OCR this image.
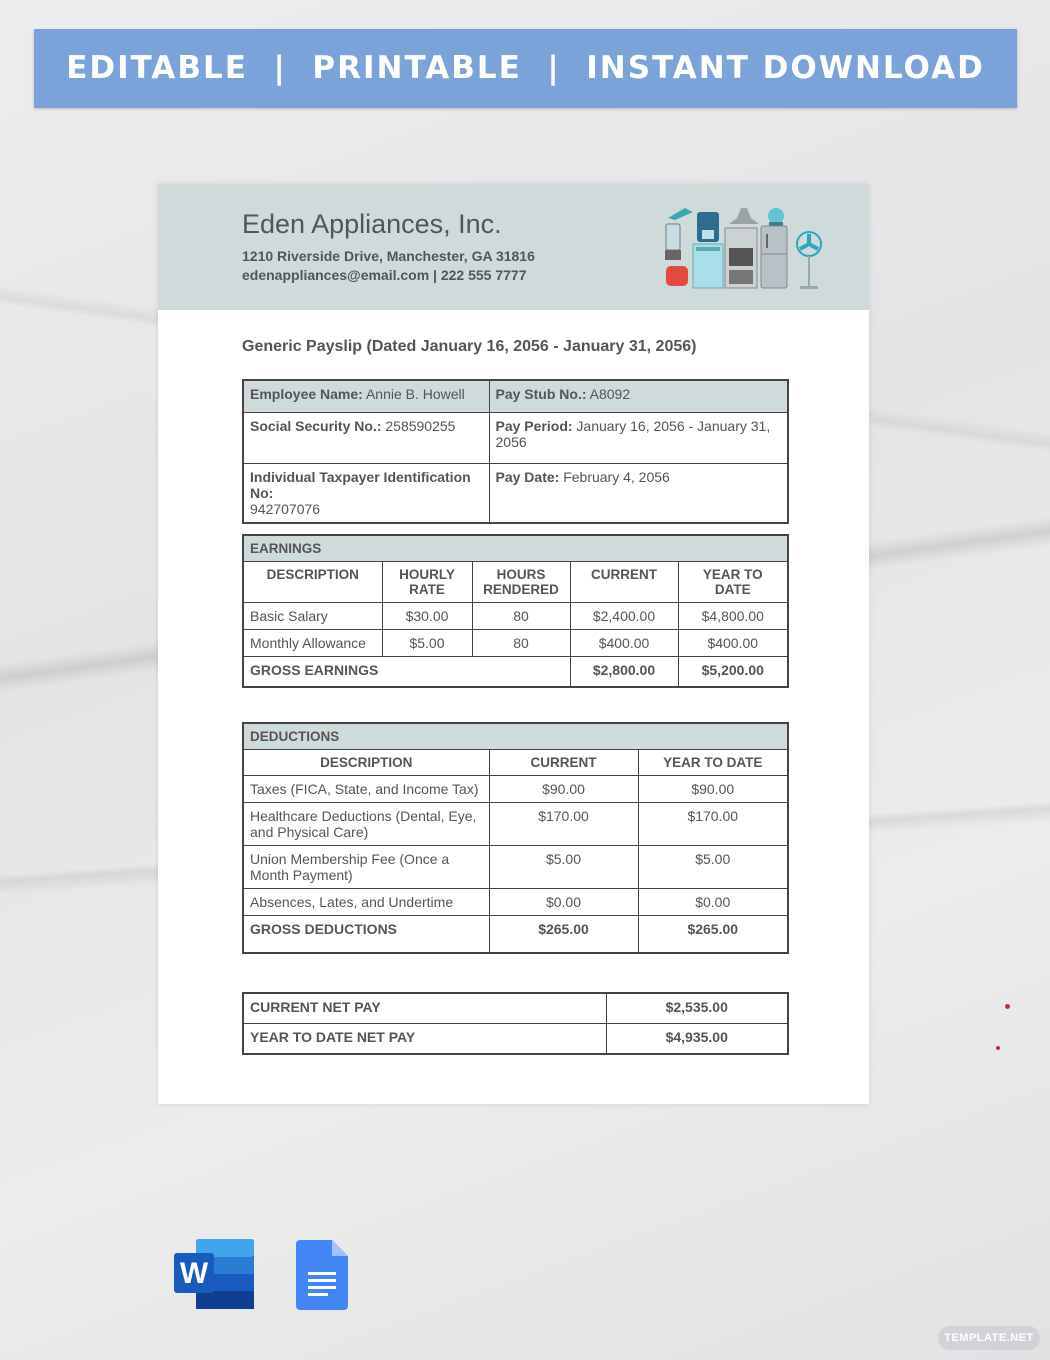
EDITABLE  |  PRINTABLE  |  INSTANT DOWNLOAD
Eden Appliances, Inc.
1210 Riverside Drive, Manchester, GA 31816
edenappliances@email.com | 222 555 7777
Generic Payslip (Dated January 16, 2056 - January 31, 2056)
Employee Name: Annie B. Howell	Pay Stub No.: A8092
Social Security No.: 258590255	Pay Period: January 16, 2056 - January 31, 2056
Individual Taxpayer Identification No:
942707076	Pay Date: February 4, 2056
EARNINGS				
DESCRIPTION	HOURLY RATE	HOURS RENDERED	CURRENT	YEAR TO DATE
Basic Salary	$30.00	80	$2,400.00	$4,800.00
Monthly Allowance	$5.00	80	$400.00	$400.00
GROSS EARNINGS			$2,800.00	$5,200.00
DEDUCTIONS		
DESCRIPTION	CURRENT	YEAR TO DATE
Taxes (FICA, State, and Income Tax)	$90.00	$90.00
Healthcare Deductions (Dental, Eye, and Physical Care)	$170.00	$170.00
Union Membership Fee (Once a Month Payment)	$5.00	$5.00
Absences, Lates, and Undertime	$0.00	$0.00
GROSS DEDUCTIONS	$265.00	$265.00
CURRENT NET PAY	$2,535.00
YEAR TO DATE NET PAY	$4,935.00
W
TEMPLATE.NET
